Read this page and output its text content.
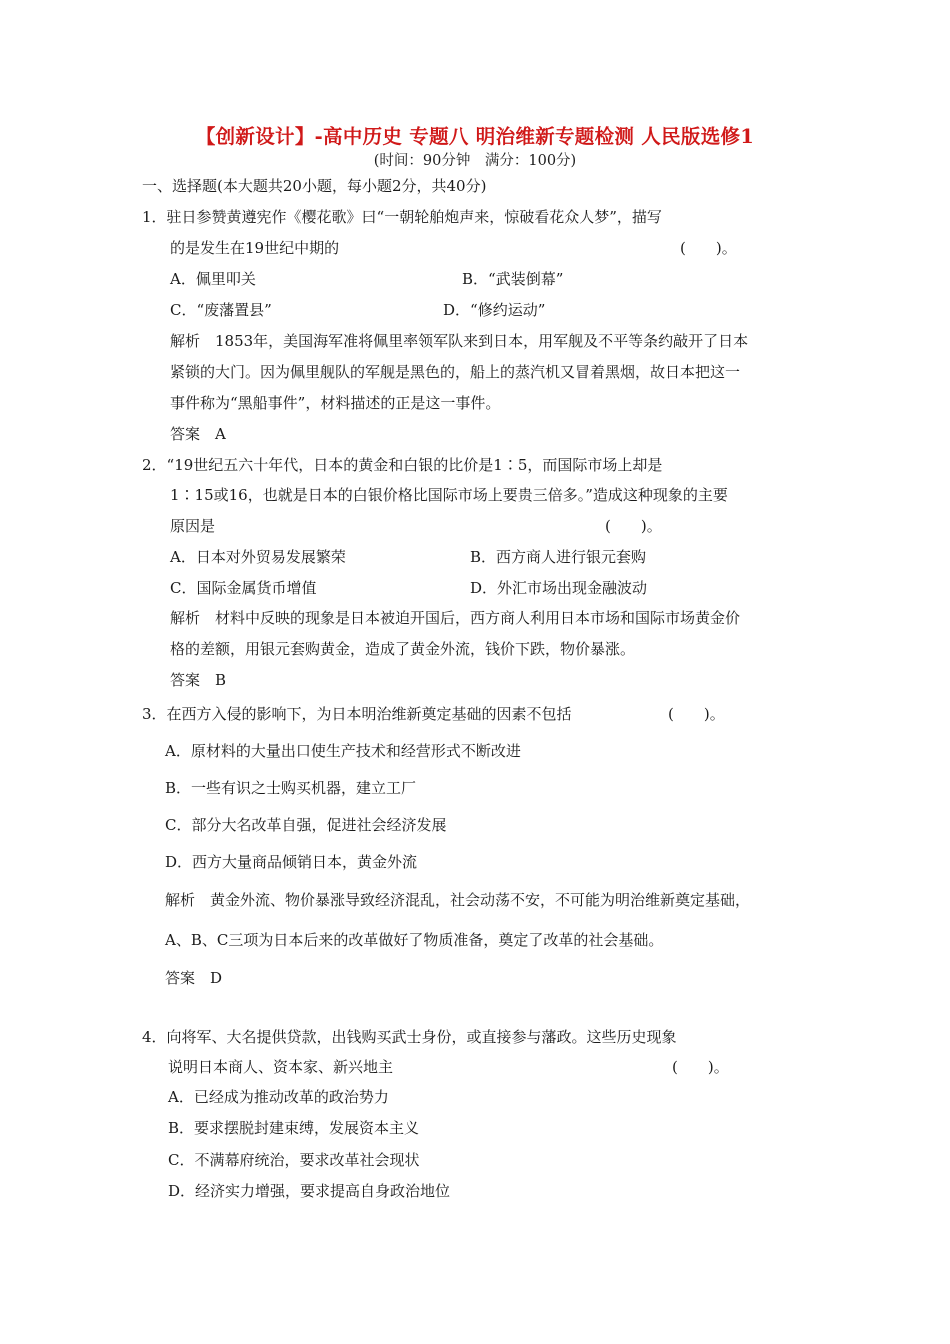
【创新设计】-高中历史 专题八 明治维新专题检测 人民版选修1
(时间：90分钟　满分：100分)
一、选择题(本大题共20小题，每小题2分，共40分)
1．驻日参赞黄遵宪作《樱花歌》曰“一朝轮舶炮声来，惊破看花众人梦”，描写
的是发生在19世纪中期的	(　　)。
A．佩里叩关	B．“武装倒幕”
C．“废藩置县”	D．“修约运动”
解析　1853年，美国海军准将佩里率领军队来到日本，用军舰及不平等条约敲开了日本
紧锁的大门。因为佩里舰队的军舰是黑色的，船上的蒸汽机又冒着黑烟，故日本把这一
事件称为“黑船事件”，材料描述的正是这一事件。
答案　A
2．“19世纪五六十年代，日本的黄金和白银的比价是1∶5，而国际市场上却是
1∶15或16，也就是日本的白银价格比国际市场上要贵三倍多。”造成这种现象的主要
原因是	(　　)。
A．日本对外贸易发展繁荣	B．西方商人进行银元套购
C．国际金属货币增值	D．外汇市场出现金融波动
解析　材料中反映的现象是日本被迫开国后，西方商人利用日本市场和国际市场黄金价
格的差额，用银元套购黄金，造成了黄金外流，钱价下跌，物价暴涨。
答案　B
3．在西方入侵的影响下，为日本明治维新奠定基础的因素不包括	(　　)。
A．原材料的大量出口使生产技术和经营形式不断改进
B．一些有识之士购买机器，建立工厂
C．部分大名改革自强，促进社会经济发展
D．西方大量商品倾销日本，黄金外流
解析　黄金外流、物价暴涨导致经济混乱，社会动荡不安，不可能为明治维新奠定基础，
A、B、C三项为日本后来的改革做好了物质准备，奠定了改革的社会基础。
答案　D
4．向将军、大名提供贷款，出钱购买武士身份，或直接参与藩政。这些历史现象
说明日本商人、资本家、新兴地主	(　　)。
A．已经成为推动改革的政治势力
B．要求摆脱封建束缚，发展资本主义
C．不满幕府统治，要求改革社会现状
D．经济实力增强，要求提高自身政治地位
